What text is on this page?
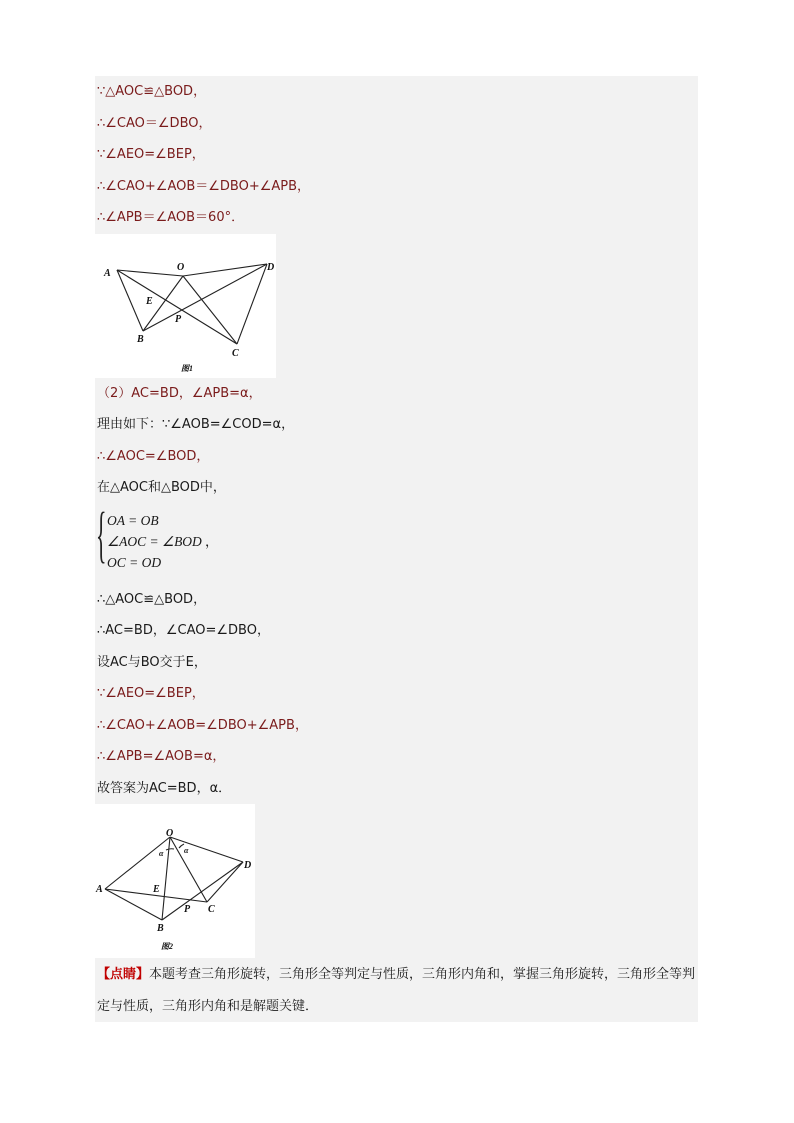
∵△AOC≌△BOD，
∴∠CAO＝∠DBO，
∵∠AEO=∠BEP，
∴∠CAO+∠AOB＝∠DBO+∠APB，
∴∠APB＝∠AOB＝60°．
A
O	D
E
P
B
C
图1
（2）AC=BD，∠APB=α，
理由如下：∵∠AOB=∠COD=α，
∴∠AOC=∠BOD，
在△AOC和△BOD中，
{ OA = OB
∠AOC = ∠BOD
OC = OD
，
∴△AOC≌△BOD，
∴AC=BD，∠CAO=∠DBO，
设AC与BO交于E，
∵∠AEO=∠BEP，
∴∠CAO+∠AOB=∠DBO+∠APB，
∴∠APB=∠AOB=α，
故答案为AC=BD，α．
O
D
A	E
P C
B
α	α
图2
【点睛】本题考查三角形旋转，三角形全等判定与性质，三角形内角和，掌握三角形旋转，三角形全等判定与性质，三角形内角和是解题关键．
